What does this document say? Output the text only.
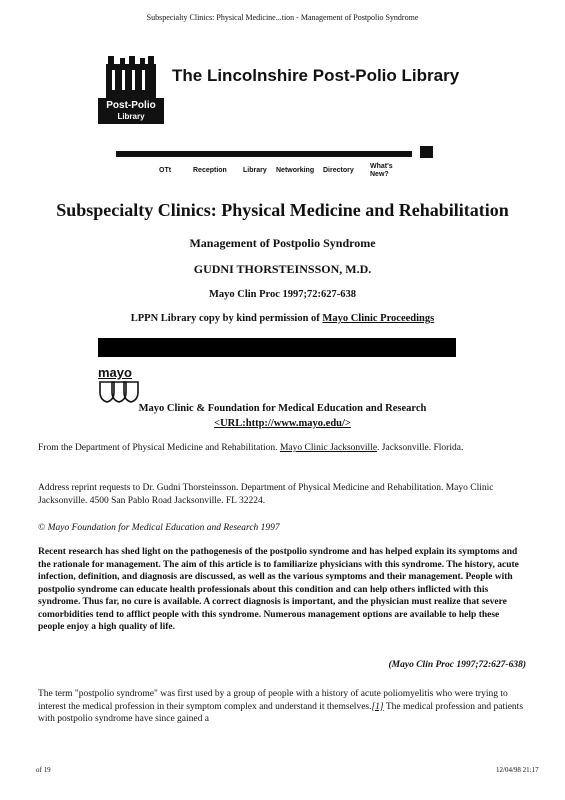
Subspecialty Clinics: Physical Medicine...tion - Management of Postpolio Syndrome
Post-Polio
Library
The Lincolnshire Post-Polio Library
OTt	Reception Library Networking Directory
What's New?
Subspecialty Clinics: Physical Medicine and Rehabilitation
Management of Postpolio Syndrome
GUDNI THORSTEINSSON, M.D.
Mayo Clin Proc 1997;72:627-638
LPPN Library copy by kind permission of Mayo Clinic Proceedings
mayo
Mayo Clinic & Foundation for Medical Education and Research
<URL:http://www.mayo.edu/>
From the Department of Physical Medicine and Rehabilitation. Mayo Clinic Jacksonville. Jacksonville. Florida.
Address reprint requests to Dr. Gudni Thorsteinsson. Department of Physical Medicine and Rehabilitation. Mayo Clinic Jacksonville. 4500 San Pablo Road Jacksonville. FL 32224.
© Mayo Foundation for Medical Education and Research 1997
Recent research has shed light on the pathogenesis of the postpolio syndrome and has helped explain its symptoms and the rationale for management. The aim of this article is to familiarize physicians with this syndrome. The history, acute infection, definition, and diagnosis are discussed, as well as the various symptoms and their management. People with postpolio syndrome can educate health professionals about this condition and can help others inflicted with this syndrome. Thus far, no cure is available. A correct diagnosis is important, and the physician must realize that severe comorbidities tend to afflict people with this syndrome. Numerous management options are available to help these people enjoy a high quality of life.
(Mayo Clin Proc 1997;72:627-638)
The term "postpolio syndrome" was first used by a group of people with a history of acute poliomyelitis who were trying to interest the medical profession in their symptom complex and understand it themselves.[1] The medical profession and patients with postpolio syndrome have since gained a
of 19	12/04/98 21:17
